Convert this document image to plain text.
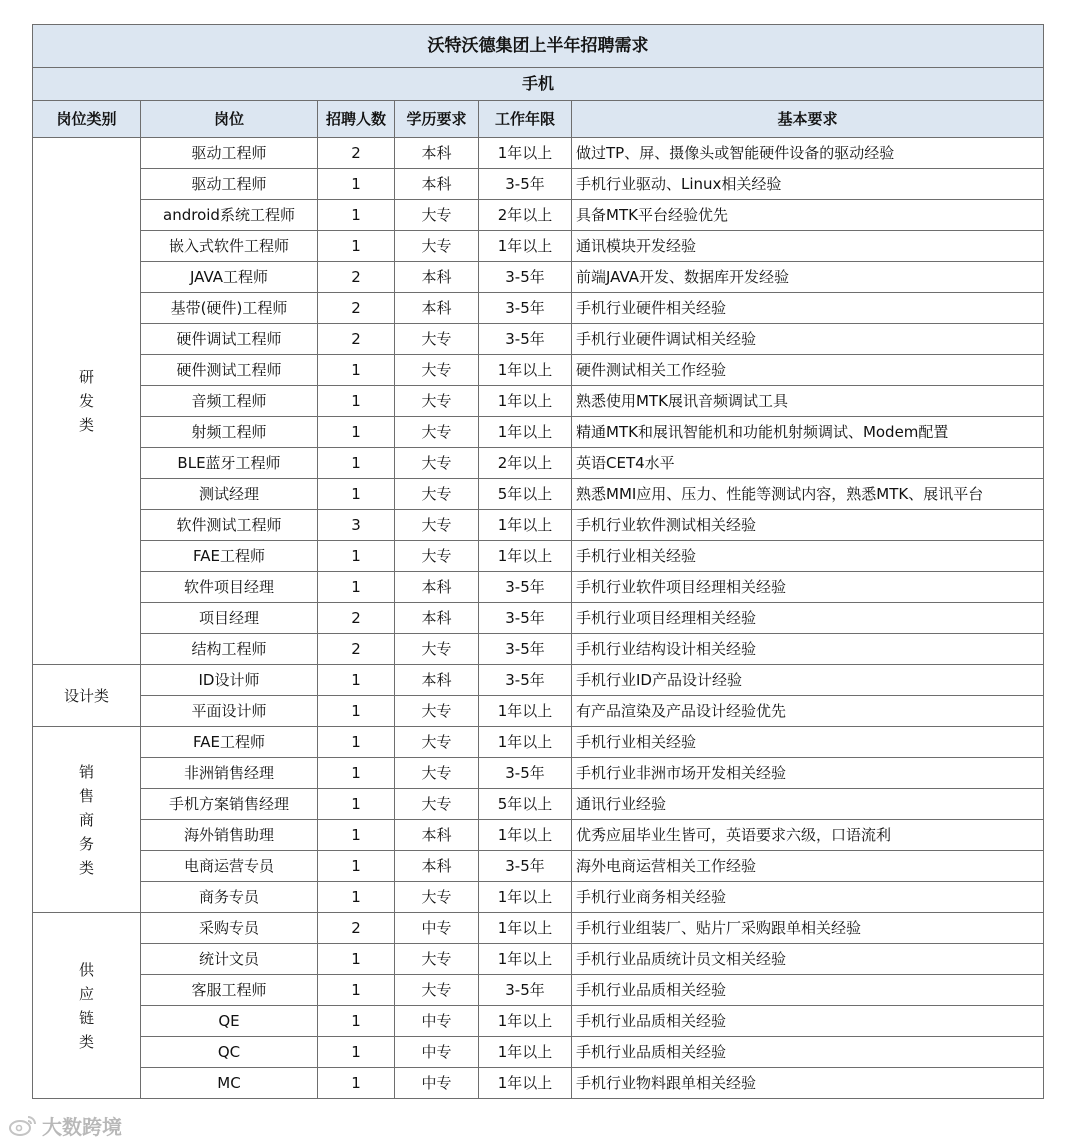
沃特沃德集团上半年招聘需求					
手机					
岗位类别	岗位	招聘人数	学历要求	工作年限	基本要求

研
发
类	驱动工程师	2	本科	1年以上	做过TP、屏、摄像头或智能硬件设备的驱动经验
	驱动工程师	1	本科	3-5年	手机行业驱动、Linux相关经验
	android系统工程师	1	大专	2年以上	具备MTK平台经验优先
	嵌入式软件工程师	1	大专	1年以上	通讯模块开发经验
	JAVA工程师	2	本科	3-5年	前端JAVA开发、数据库开发经验
	基带(硬件)工程师	2	本科	3-5年	手机行业硬件相关经验
	硬件调试工程师	2	大专	3-5年	手机行业硬件调试相关经验
	硬件测试工程师	1	大专	1年以上	硬件测试相关工作经验
	音频工程师	1	大专	1年以上	熟悉使用MTK展讯音频调试工具
	射频工程师	1	大专	1年以上	精通MTK和展讯智能机和功能机射频调试、Modem配置
	BLE蓝牙工程师	1	大专	2年以上	英语CET4水平
	测试经理	1	大专	5年以上	熟悉MMI应用、压力、性能等测试内容，熟悉MTK、展讯平台
	软件测试工程师	3	大专	1年以上	手机行业软件测试相关经验
	FAE工程师	1	大专	1年以上	手机行业相关经验
	软件项目经理	1	本科	3-5年	手机行业软件项目经理相关经验
	项目经理	2	本科	3-5年	手机行业项目经理相关经验
	结构工程师	2	大专	3-5年	手机行业结构设计相关经验
设计类	ID设计师	1	本科	3-5年	手机行业ID产品设计经验
	平面设计师	1	大专	1年以上	有产品渲染及产品设计经验优先

销
售
商
务
类	FAE工程师	1	大专	1年以上	手机行业相关经验
	非洲销售经理	1	大专	3-5年	手机行业非洲市场开发相关经验
	手机方案销售经理	1	大专	5年以上	通讯行业经验
	海外销售助理	1	本科	1年以上	优秀应届毕业生皆可，英语要求六级，口语流利
	电商运营专员	1	本科	3-5年	海外电商运营相关工作经验
	商务专员	1	大专	1年以上	手机行业商务相关经验

供
应
链
类	采购专员	2	中专	1年以上	手机行业组装厂、贴片厂采购跟单相关经验
	统计文员	1	大专	1年以上	手机行业品质统计员文相关经验
	客服工程师	1	大专	3-5年	手机行业品质相关经验
	QE	1	中专	1年以上	手机行业品质相关经验
	QC	1	中专	1年以上	手机行业品质相关经验
	MC	1	中专	1年以上	手机行业物料跟单相关经验
大数跨境
